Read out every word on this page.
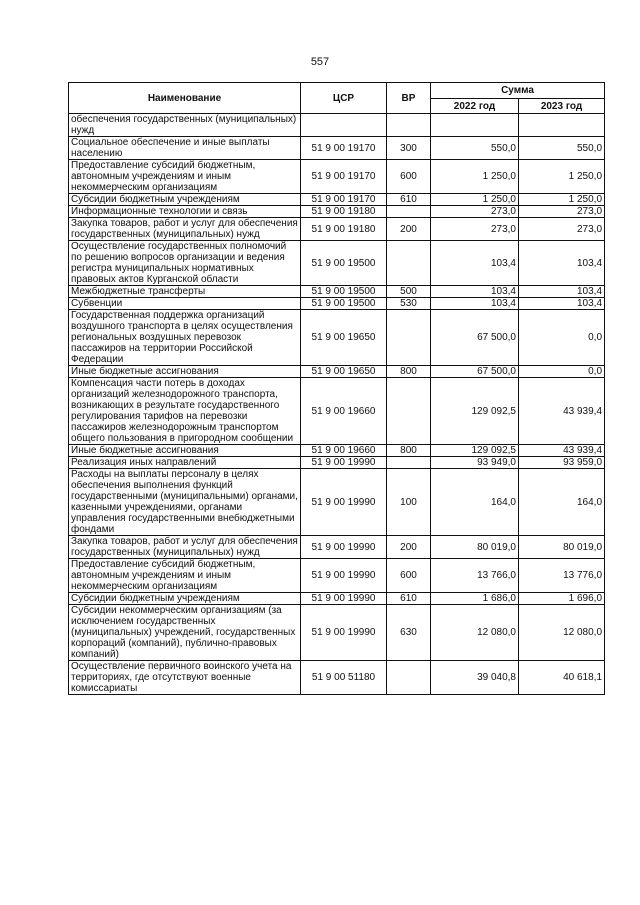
557
Наименование	ЦСР	ВР	Сумма	
			2022 год	2023 год
обеспечения государственных (муниципальных) нужд				
Социальное обеспечение и иные выплаты населению	51 9 00 19170	300	550,0	550,0
Предоставление субсидий бюджетным, автономным учреждениям и иным некоммерческим организациям	51 9 00 19170	600	1 250,0	1 250,0
Субсидии бюджетным учреждениям	51 9 00 19170	610	1 250,0	1 250,0
Информационные технологии и связь	51 9 00 19180		273,0	273,0
Закупка товаров, работ и услуг для обеспечения государственных (муниципальных) нужд	51 9 00 19180	200	273,0	273,0
Осуществление государственных полномочий по решению вопросов организации и ведения регистра муниципальных нормативных правовых актов Курганской области	51 9 00 19500		103,4	103,4
Межбюджетные трансферты	51 9 00 19500	500	103,4	103,4
Субвенции	51 9 00 19500	530	103,4	103,4
Государственная поддержка организаций воздушного транспорта в целях осуществления региональных воздушных перевозок пассажиров на территории Российской Федерации	51 9 00 19650		67 500,0	0,0
Иные бюджетные ассигнования	51 9 00 19650	800	67 500,0	0,0
Компенсация части потерь в доходах организаций железнодорожного транспорта, возникающих в результате государственного регулирования тарифов на перевозки пассажиров железнодорожным транспортом общего пользования в пригородном сообщении	51 9 00 19660		129 092,5	43 939,4
Иные бюджетные ассигнования	51 9 00 19660	800	129 092,5	43 939,4
Реализация иных направлений	51 9 00 19990		93 949,0	93 959,0
Расходы на выплаты персоналу в целях обеспечения выполнения функций государственными (муниципальными) органами, казенными учреждениями, органами управления государственными внебюджетными фондами	51 9 00 19990	100	164,0	164,0
Закупка товаров, работ и услуг для обеспечения государственных (муниципальных) нужд	51 9 00 19990	200	80 019,0	80 019,0
Предоставление субсидий бюджетным, автономным учреждениям и иным некоммерческим организациям	51 9 00 19990	600	13 766,0	13 776,0
Субсидии бюджетным учреждениям	51 9 00 19990	610	1 686,0	1 696,0
Субсидии некоммерческим организациям (за исключением государственных (муниципальных) учреждений, государственных корпораций (компаний), публично-правовых компаний)	51 9 00 19990	630	12 080,0	12 080,0
Осуществление первичного воинского учета на территориях, где отсутствуют военные комиссариаты	51 9 00 51180		39 040,8	40 618,1
